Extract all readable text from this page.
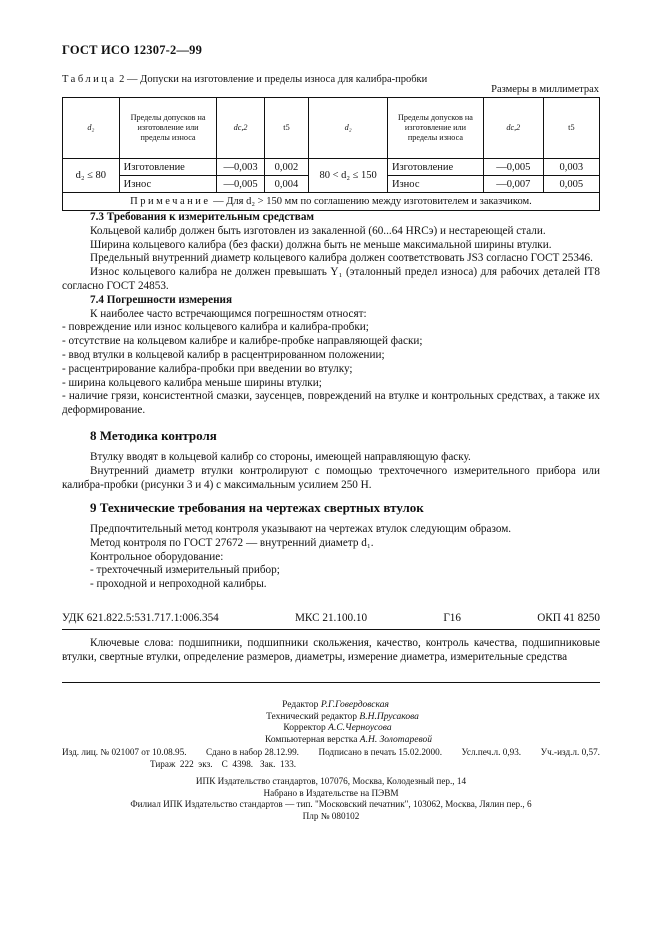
ГОСТ ИСО 12307-2—99
Таблица 2 — Допуски на изготовление и пределы износа для калибра-пробки
Размеры в миллиметрах
d₂	Пределы допусков на изготовление или пределы износа	dc,2	t5	d₂	Пределы допусков на изготовление или пределы износа	dc,2	t5
d₂ ≤ 80	Изготовление	—0,003	0,002	80 < d₂ ≤ 150	Изготовление	—0,005	0,003
	Износ	—0,005	0,004		Износ	—0,007	0,005
Примечание — Для d₂ > 150 мм по соглашению между изготовителем и заказчиком.							

7.3 Требования к измерительным средствам

Кольцевой калибр должен быть изготовлен из закаленной (60...64 HRCэ) и нестареющей стали.

Ширина кольцевого калибра (без фаски) должна быть не меньше максимальной ширины втулки.

Предельный внутренний диаметр кольцевого калибра должен соответствовать JS3 согласно ГОСТ 25346.

Износ кольцевого калибра не должен превышать Y₁ (эталонный предел износа) для рабочих деталей IT8 согласно ГОСТ 24853.

7.4 Погрешности измерения

К наиболее часто встречающимся погрешностям относят:

- повреждение или износ кольцевого калибра и калибра-пробки;

- отсутствие на кольцевом калибре и калибре-пробке направляющей фаски;

- ввод втулки в кольцевой калибр в расцентрированном положении;

- расцентрирование калибра-пробки при введении во втулку;

- ширина кольцевого калибра меньше ширины втулки;

- наличие грязи, консистентной смазки, заусенцев, повреждений на втулке и контрольных средствах, а также их деформирование.

8 Методика контроля

Втулку вводят в кольцевой калибр со стороны, имеющей направляющую фаску.

Внутренний диаметр втулки контролируют с помощью трехточечного измерительного прибора или калибра-пробки (рисунки 3 и 4) с максимальным усилием 250 Н.

9 Технические требования на чертежах свертных втулок

Предпочтительный метод контроля указывают на чертежах втулок следующим образом.

Метод контроля по ГОСТ 27672 — внутренний диаметр d₁.

Контрольное оборудование:

- трехточечный измерительный прибор;

- проходной и непроходной калибры.

УДК 621.822.5:531.717.1:006.354	МКС 21.100.10	Г16	ОКП 41 8250
Ключевые слова: подшипники, подшипники скольжения, качество, контроль качества, подшипниковые втулки, свертные втулки, определение размеров, диаметры, измерение диаметра, измерительные средства
Редактор Р.Г.Говердовская
Технический редактор В.Н.Прусакова
Корректор А.С.Черноусова
Компьютерная верстка А.Н. Золотаревой
Изд. лиц. № 021007 от 10.08.95. Сдано в набор 28.12.99. Подписано в печать 15.02.2000. Усл.печ.л. 0,93. Уч.-изд.л. 0,57.
Тираж  222  экз.    С  4398.   Зак.  133.
ИПК Издательство стандартов, 107076, Москва, Колодезный пер., 14
Набрано в Издательстве на ПЭВМ
Филиал ИПК Издательство стандартов — тип. "Московский печатник", 103062, Москва, Лялин пер., 6
Плр № 080102
